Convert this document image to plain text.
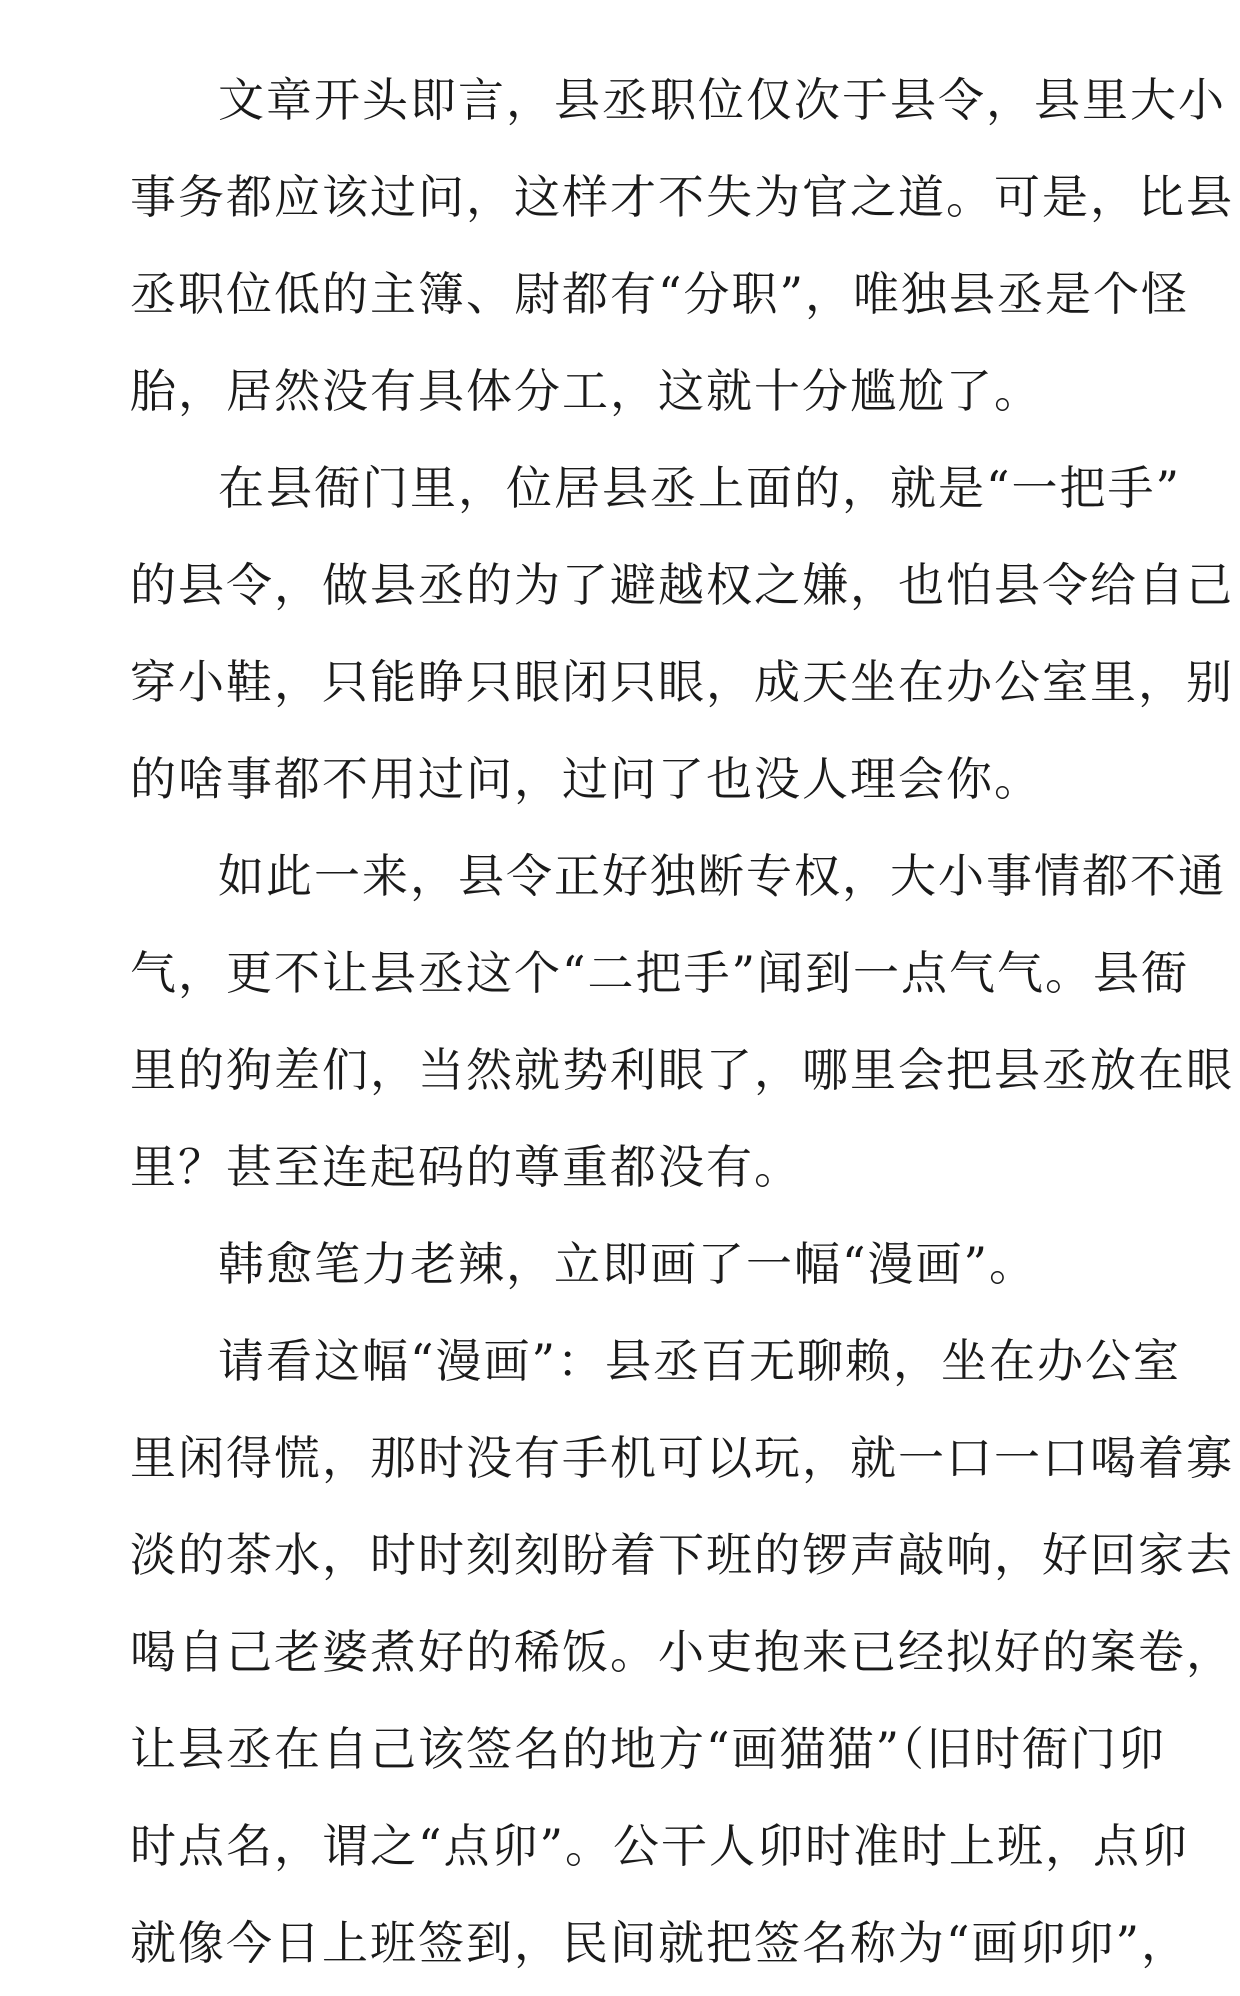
文章开头即言，县丞职位仅次于县令，县里大小
事务都应该过问，这样才不失为官之道。可是，比县
丞职位低的主簿、尉都有“分职”，唯独县丞是个怪
胎，居然没有具体分工，这就十分尴尬了。
在县衙门里，位居县丞上面的，就是“一把手”
的县令，做县丞的为了避越权之嫌，也怕县令给自己
穿小鞋，只能睁只眼闭只眼，成天坐在办公室里，别
的啥事都不用过问，过问了也没人理会你。
如此一来，县令正好独断专权，大小事情都不通
气，更不让县丞这个“二把手”闻到一点气气。县衙
里的狗差们，当然就势利眼了，哪里会把县丞放在眼
里？甚至连起码的尊重都没有。
韩愈笔力老辣，立即画了一幅“漫画”。
请看这幅“漫画”：县丞百无聊赖，坐在办公室
里闲得慌，那时没有手机可以玩，就一口一口喝着寡
淡的茶水，时时刻刻盼着下班的锣声敲响，好回家去
喝自己老婆煮好的稀饭。小吏抱来已经拟好的案卷，
让县丞在自己该签名的地方“画猫猫”（旧时衙门卯
时点名，谓之“点卯”。公干人卯时准时上班，点卯
就像今日上班签到，民间就把签名称为“画卯卯”，
